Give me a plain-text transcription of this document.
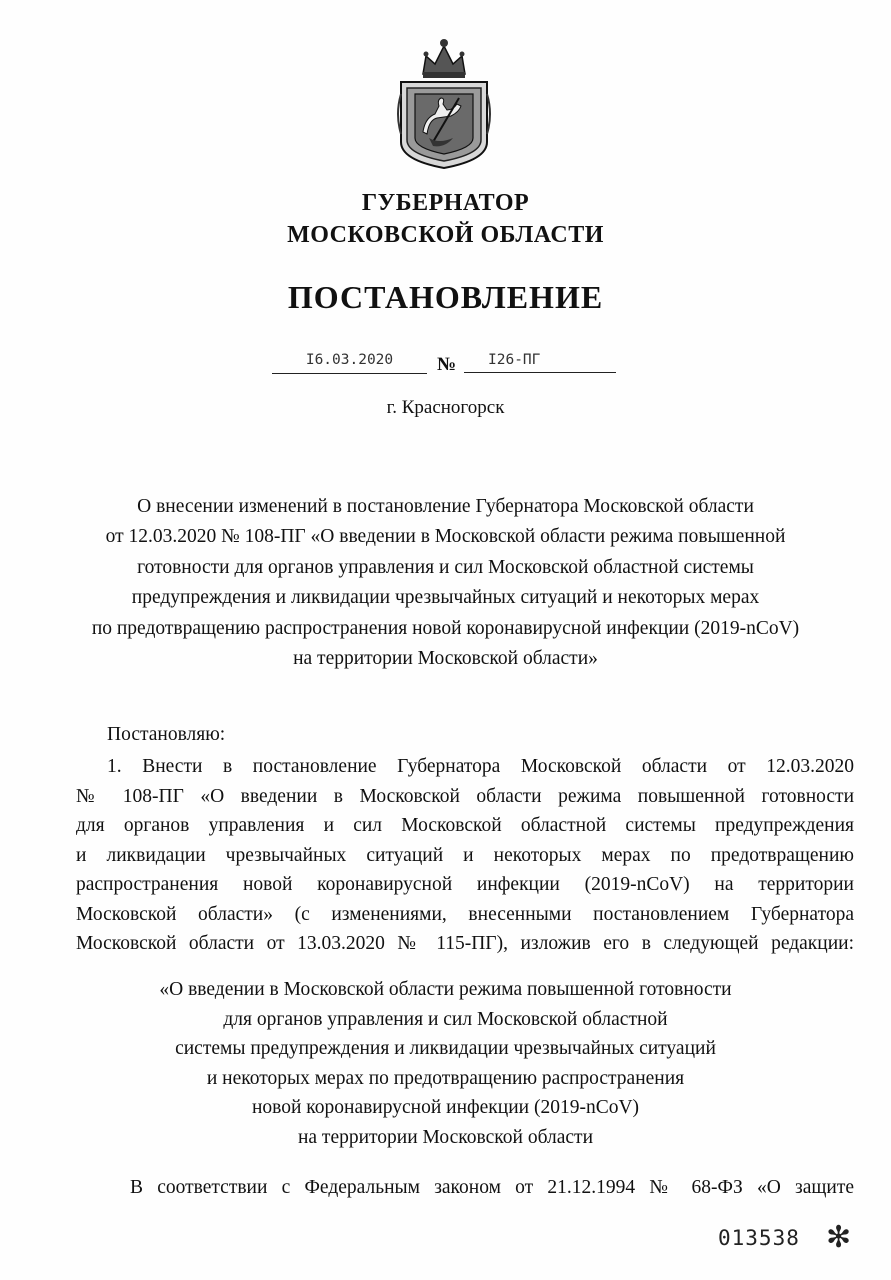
ГУБЕРНАТОР
МОСКОВСКОЙ ОБЛАСТИ
ПОСТАНОВЛЕНИЕ
I6.03.2020	№	I26-ПГ
г. Красногорск
О внесении изменений в постановление Губернатора Московской области
от 12.03.2020 № 108-ПГ «О введении в Московской области режима повышенной
готовности для органов управления и сил Московской областной системы
предупреждения и ликвидации чрезвычайных ситуаций и некоторых мерах
по предотвращению распространения новой коронавирусной инфекции (2019-nCoV)
на территории Московской области»
Постановляю:
1. Внести в постановление Губернатора Московской области от 12.03.2020
№ 108-ПГ «О введении в Московской области режима повышенной готовности
для органов управления и сил Московской областной системы предупреждения
и ликвидации чрезвычайных ситуаций и некоторых мерах по предотвращению
распространения новой коронавирусной инфекции (2019-nCoV) на территории
Московской области» (с изменениями, внесенными постановлением Губернатора
Московской области от 13.03.2020 № 115-ПГ), изложив его в следующей редакции:
«О введении в Московской области режима повышенной готовности
для органов управления и сил Московской областной
системы предупреждения и ликвидации чрезвычайных ситуаций
и некоторых мерах по предотвращению распространения
новой коронавирусной инфекции (2019-nCoV)
на территории Московской области
В соответствии с Федеральным законом от 21.12.1994 № 68-ФЗ «О защите
013538 ✻
